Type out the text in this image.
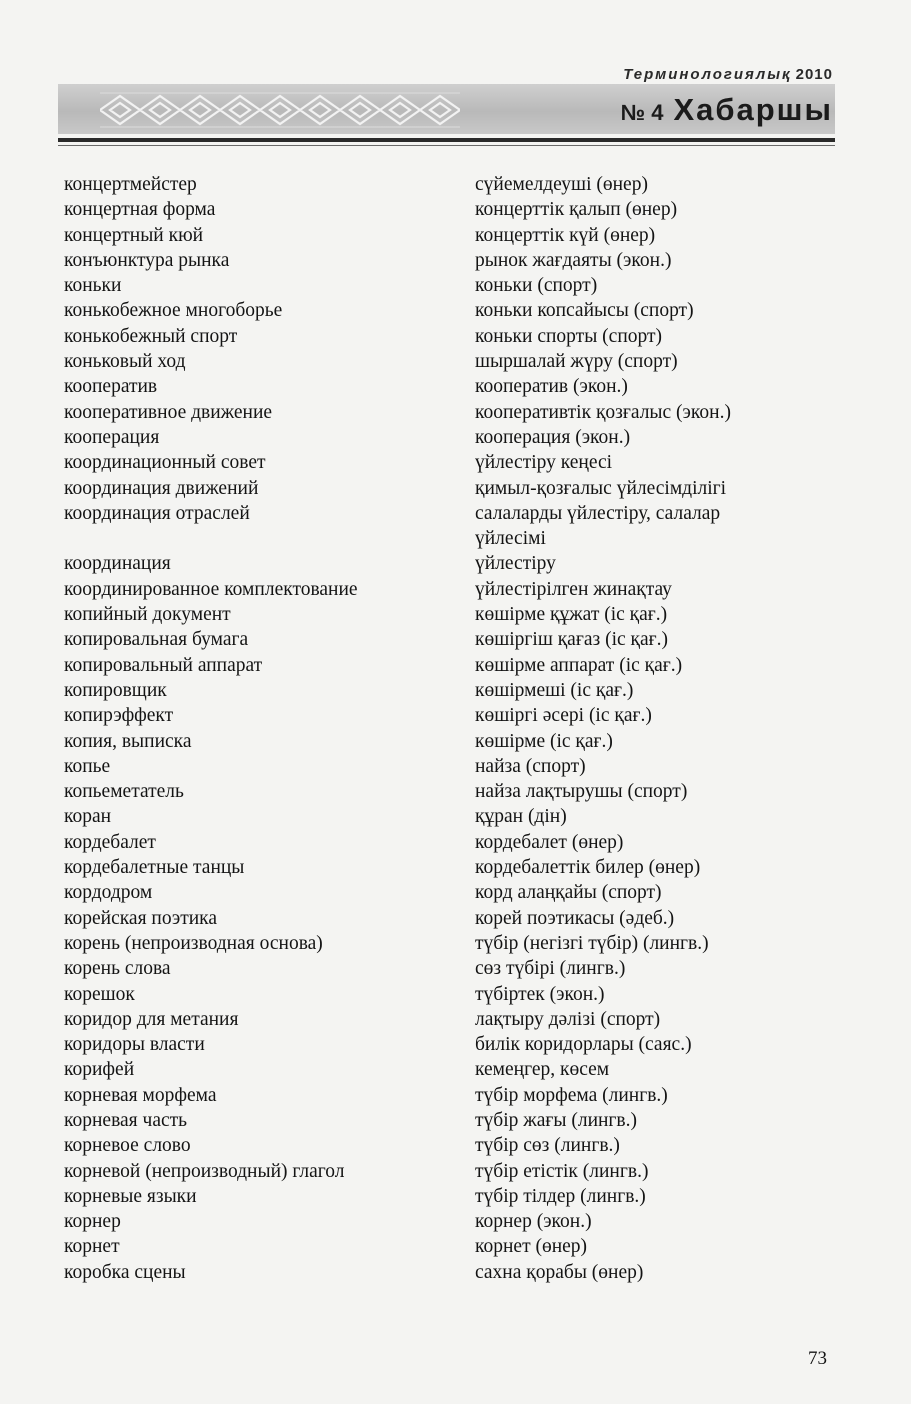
Терминологиялық 2010
№ 4 Хабаршы
концертмейстер
концертная форма
концертный кюй
конъюнктура рынка
коньки
конькобежное многоборье
конькобежный спорт
коньковый ход
кооператив
кооперативное движение
кооперация
координационный совет
координация движений
координация отраслей
координация
координированное комплектование
копийный документ
копировальная бумага
копировальный аппарат
копировщик
копирэффект
копия, выписка
копье
копьеметатель
коран
кордебалет
кордебалетные танцы
кордодром
корейская поэтика
корень (непроизводная основа)
корень слова
корешок
коридор для метания
коридоры власти
корифей
корневая морфема
корневая часть
корневое слово
корневой (непроизводный) глагол
корневые языки
корнер
корнет
коробка сцены
сүйемелдеуші (өнер)
концерттік қалып (өнер)
концерттік күй (өнер)
рынок жағдаяты (экон.)
коньки (спорт)
коньки копсайысы (спорт)
коньки спорты (спорт)
шыршалай жүру (спорт)
кооператив (экон.)
кооперативтік қозғалыс (экон.)
кооперация (экон.)
үйлестіру кеңесі
қимыл-қозғалыс үйлесімділігі
салаларды үйлестіру, салалар
үйлесімі
үйлестіру
үйлестірілген жинақтау
көшірме құжат (іс қағ.)
көшіргіш қағаз (іс қағ.)
көшірме аппарат (іс қағ.)
көшірмеші (іс қағ.)
көшіргі әсері (іс қағ.)
көшірме (іс қағ.)
найза (спорт)
найза лақтырушы (спорт)
құран (дін)
кордебалет (өнер)
кордебалеттік билер (өнер)
корд алаңқайы (спорт)
корей поэтикасы (әдеб.)
түбір (негізгі түбір) (лингв.)
сөз түбірі (лингв.)
түбіртек (экон.)
лақтыру дәлізі (спорт)
билік коридорлары (саяс.)
кемеңгер, көсем
түбір морфема (лингв.)
түбір жағы (лингв.)
түбір сөз (лингв.)
түбір етістік (лингв.)
түбір тілдер (лингв.)
корнер (экон.)
корнет (өнер)
сахна қорабы (өнер)
73
